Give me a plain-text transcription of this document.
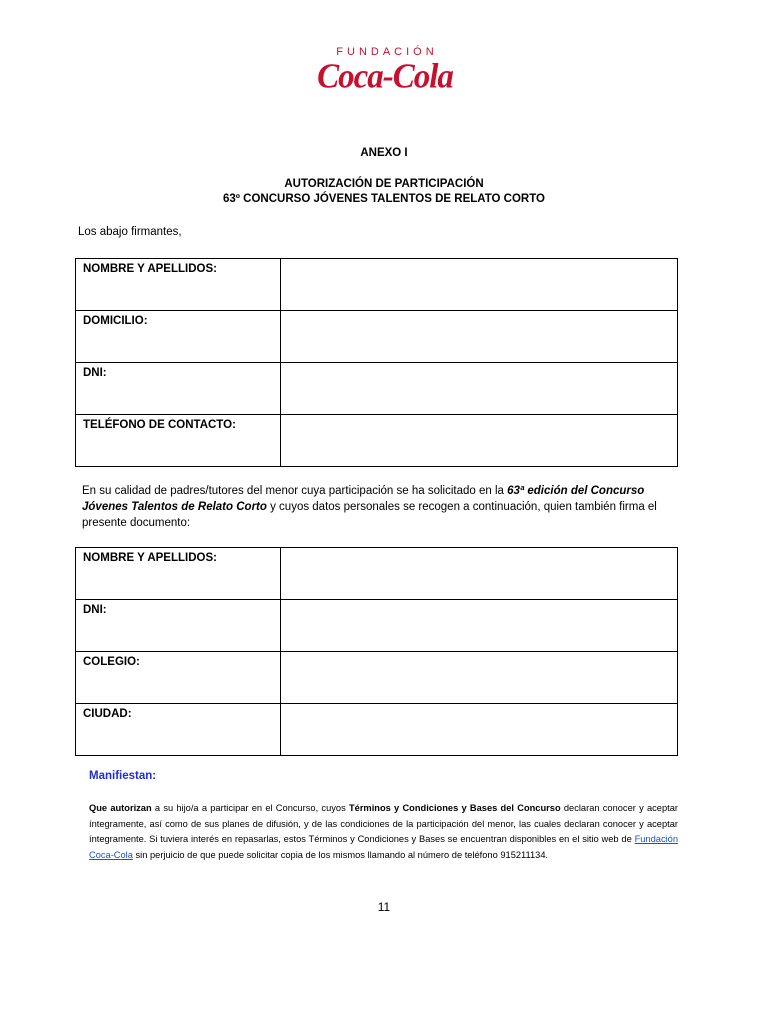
FUNDACIÓN
Coca-Cola
ANEXO I
AUTORIZACIÓN DE PARTICIPACIÓN
63º CONCURSO JÓVENES TALENTOS DE RELATO CORTO
Los abajo firmantes,
NOMBRE Y APELLIDOS:	
DOMICILIO:	
DNI:	
TELÉFONO DE CONTACTO:	
En su calidad de padres/tutores del menor cuya participación se ha solicitado en la 63ª edición del Concurso Jóvenes Talentos de Relato Corto y cuyos datos personales se recogen a continuación, quien también firma el presente documento:
NOMBRE Y APELLIDOS:	
DNI:	
COLEGIO:	
CIUDAD:	
Manifiestan:
Que autorizan a su hijo/a a participar en el Concurso, cuyos Términos y Condiciones y Bases del Concurso declaran conocer y aceptar íntegramente, así como de sus planes de difusión, y de las condiciones de la participación del menor, las cuales declaran conocer y aceptar íntegramente. Si tuviera interés en repasarlas, estos Términos y Condiciones y Bases se encuentran disponibles en el sitio web de Fundación Coca-Cola sin perjuicio de que puede solicitar copia de los mismos llamando al número de teléfono 915211134.
11
